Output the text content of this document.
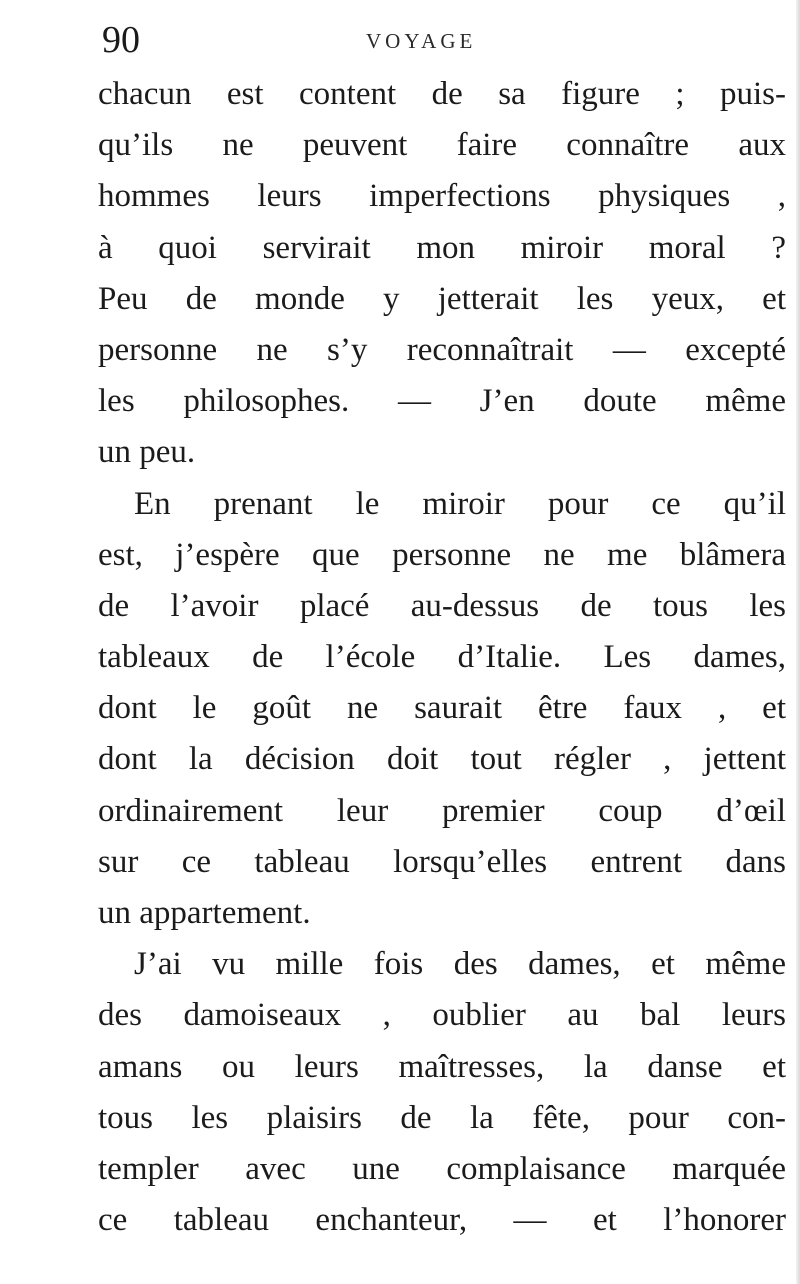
90	VOYAGE
chacun est content de sa figure ; puis-
qu’ils ne peuvent faire connaître aux
hommes leurs imperfections physiques ,
à quoi servirait mon miroir moral ?
Peu de monde y jetterait les yeux, et
personne ne s’y reconnaîtrait — excepté
les philosophes. — J’en doute même
un peu.
En prenant le miroir pour ce qu’il
est, j’espère que personne ne me blâmera
de l’avoir placé au-dessus de tous les
tableaux de l’école d’Italie. Les dames,
dont le goût ne saurait être faux , et
dont la décision doit tout régler , jettent
ordinairement leur premier coup d’œil
sur ce tableau lorsqu’elles entrent dans
un appartement.
J’ai vu mille fois des dames, et même
des damoiseaux , oublier au bal leurs
amans ou leurs maîtresses, la danse et
tous les plaisirs de la fête, pour con-
templer avec une complaisance marquée
ce tableau enchanteur, — et l’honorer
